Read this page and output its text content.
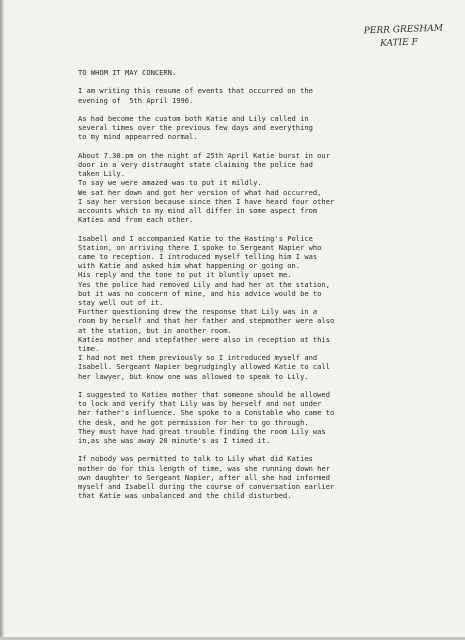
PERR GRESHAM
KATIE F
TO WHOM IT MAY CONCERN.
I am writing this resume of events that occurred on the
evening of  5th April 1996.
As had become the custom both Katie and Lily called in
several times over the previous few days and everything
to my mind appearred normal.
About 7.30.pm on the night of 25th April Katie burst in our
door in a very distraught state claiming the police had
taken Lily.
To say we were amazed was to put it mildly.
We sat her down and got her version of what had occurred,
I say her version because since then I have heard four other
accounts which to my mind all differ in some aspect from
Katies and from each other.
Isabell and I accompanied Katie to the Hasting's Police
Station, on arriving there I spoke to Sergeant Napier who
came to reception. I introduced myself telling him I was
with Katie and asked him what happening or going on.
His reply and the tone to put it bluntly upset me.
Yes the police had removed Lily and had her at the station,
but it was no concern of mine, and his advice would be to
stay well out of it.
Further questioning drew the response that Lily was in a
room by herself and that her father and stepmother were also
at the station, but in another room.
Katies mother and stepfather were also in reception at this
time.
I had not met them previously so I introduced myself and
Isabell. Sergeant Napier begrudgingly allowed Katie to call
her lawyer, but know one was allowed to speak to Lily.
I suggested to Katies mother that someone should be allowed
to lock and verify that Lily was by herself and not under
her father's influence. She spoke to a Constable who came to
the desk, and he got permission for her to go through.
They must have had great trouble finding the room Lily was
in,as she was away 20 minute's as I timed it.
If nobody was permitted to talk to Lily what did Katies
mother do for this length of time, was she running down her
own daughter to Sergeant Napier, after all she had informed
myself and Isabell during the course of conversation earlier
that Katie was unbalanced and the child disturbed.
